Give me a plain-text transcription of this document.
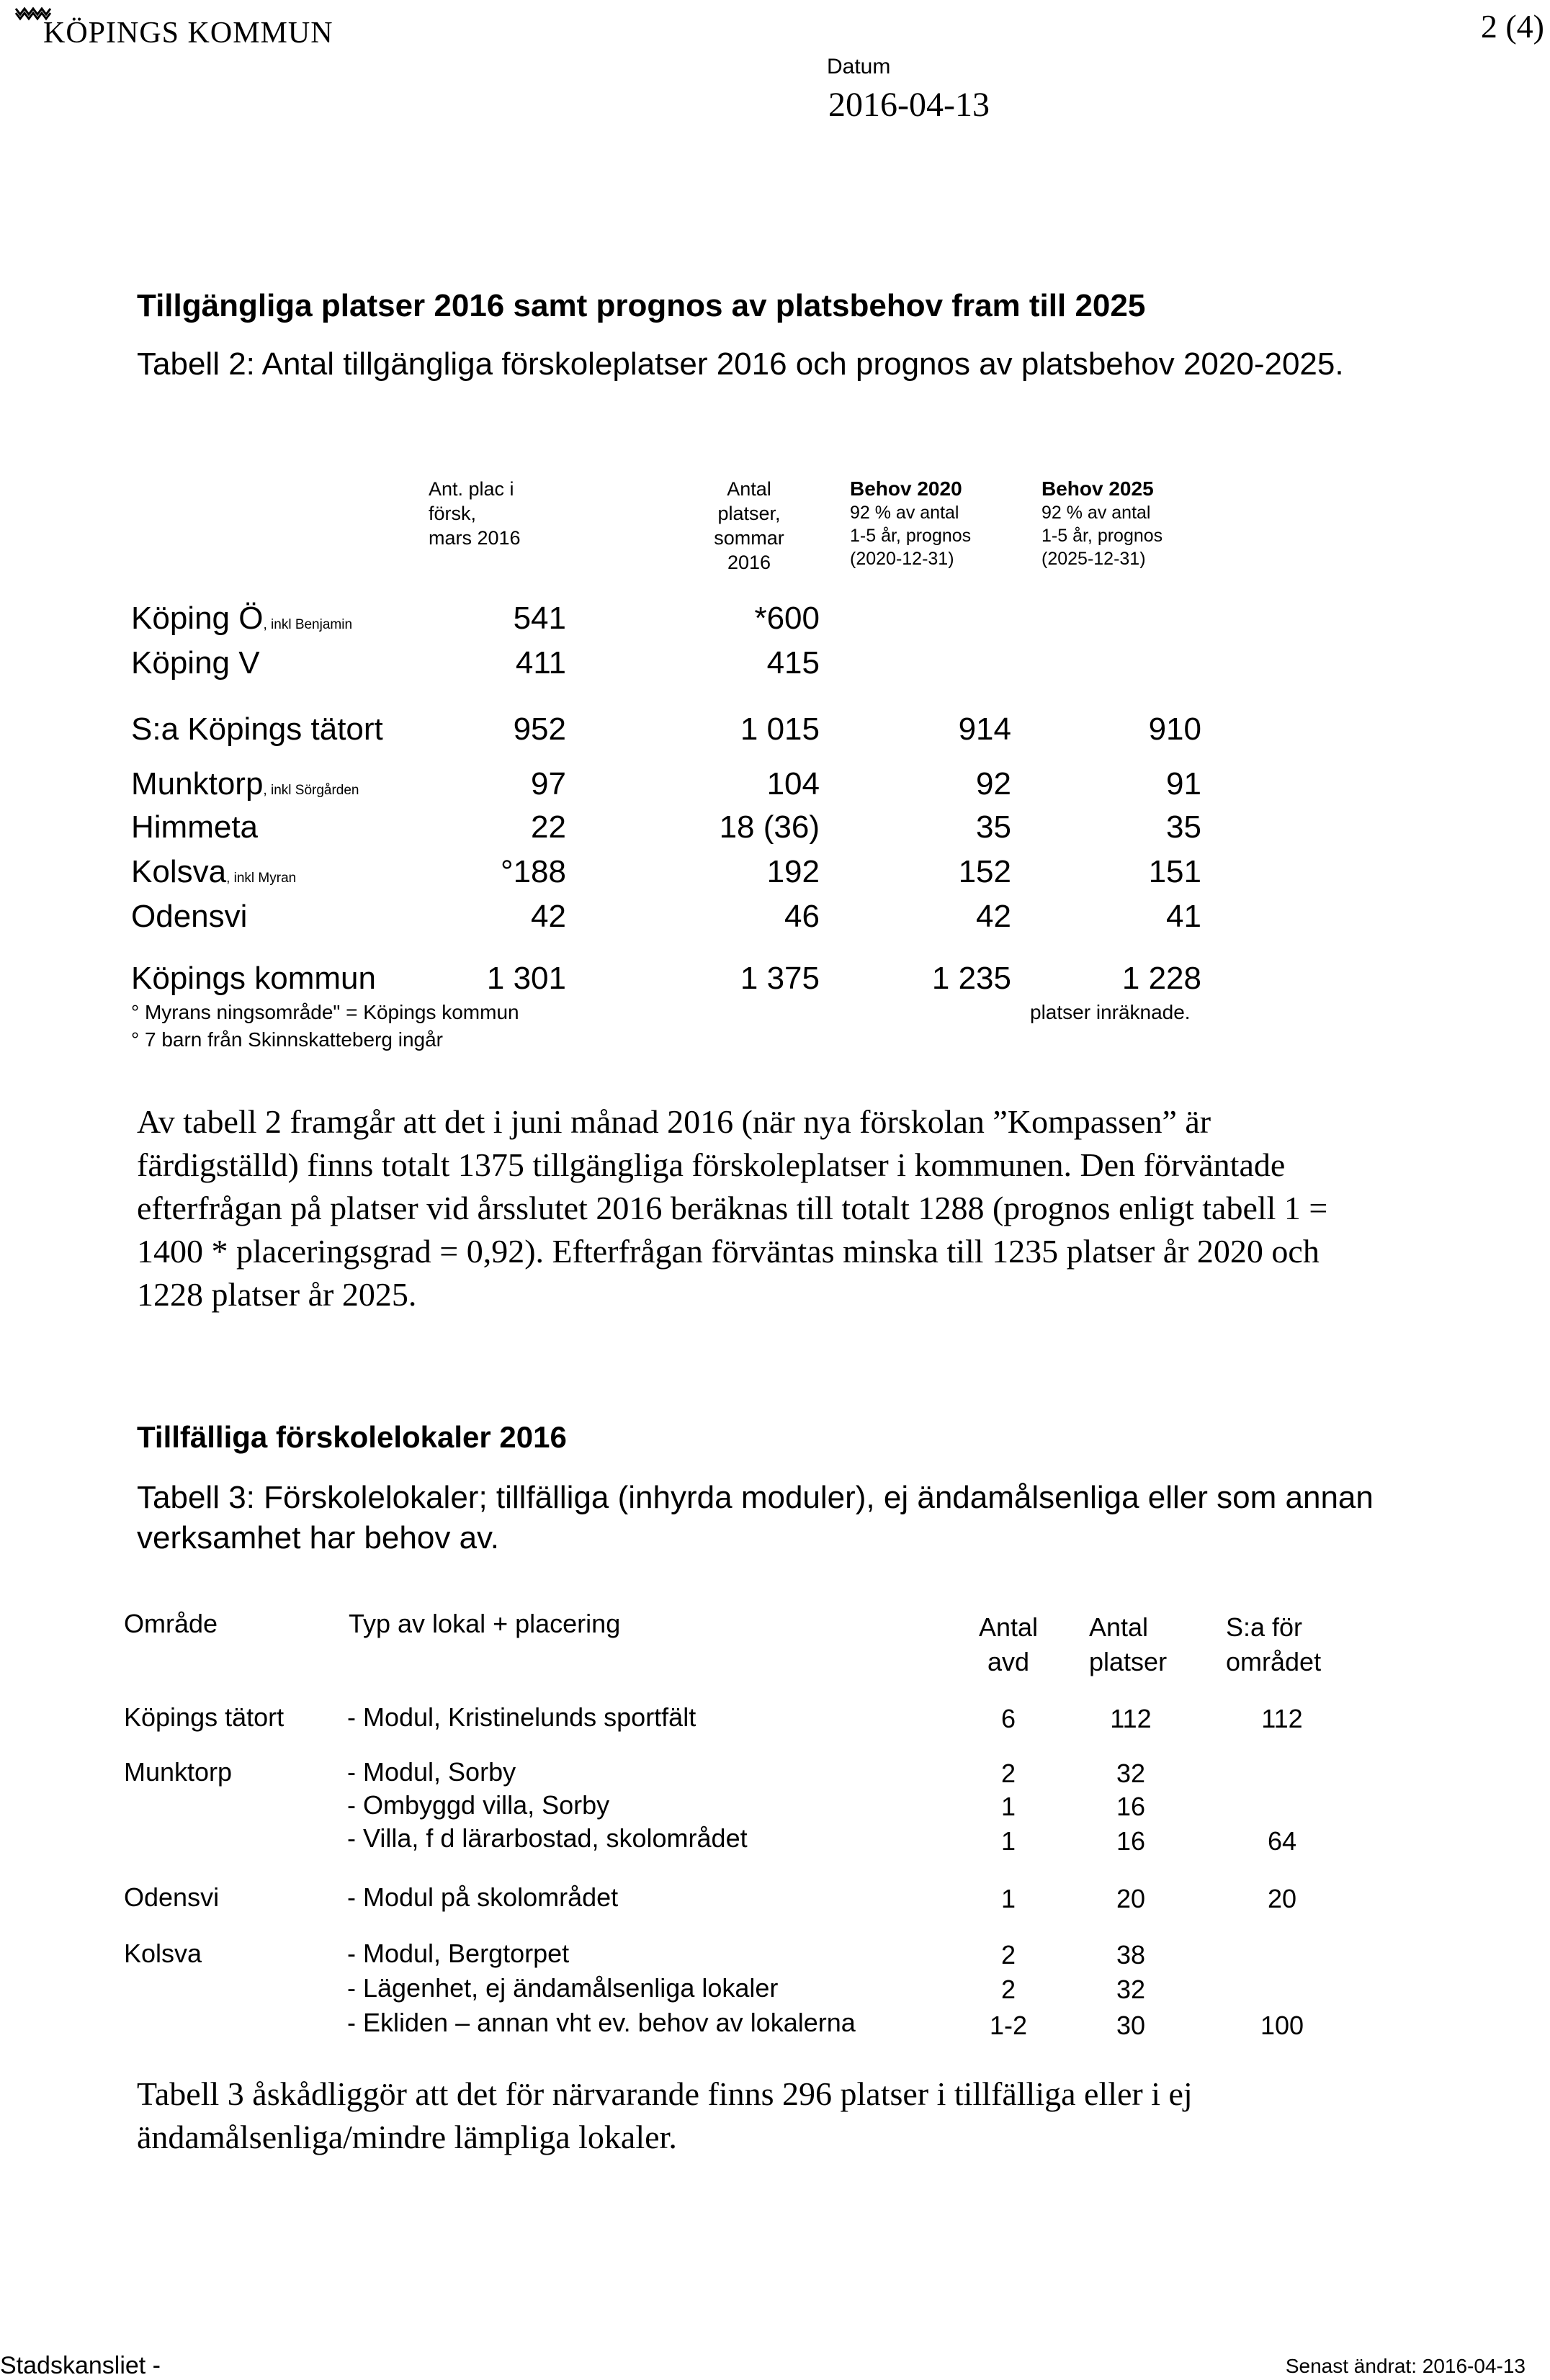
KÖPINGS KOMMUN	2 (4)
Datum
2016-04-13
Tillgängliga platser 2016 samt prognos av platsbehov fram till 2025
Tabell 2: Antal tillgängliga förskoleplatser 2016 och prognos av platsbehov 2020-2025.
Ant. plac i
försk,
mars 2016
Antal
platser,
sommar
2016
Behov 2020
92 % av antal
1-5 år, prognos
(2020-12-31)
Behov 2025
92 % av antal
1-5 år, prognos
(2025-12-31)
Köping Ö, inkl Benjamin	541	*600
Köping V	411	415
S:a Köpings tätort	952	1 015	914	910
Munktorp, inkl Sörgården	97	104	92	91
Himmeta	22	18 (36)	35	35
Kolsva, inkl Myran	°188	192	152	151
Odensvi	42	46	42	41
Köpings kommun	1 301	1 375	1 235	1 228
° Myrans ningsområde" = Köpings kommun
° 7 barn från Skinnskatteberg ingår
platser inräknade.
Av tabell 2 framgår att det i juni månad 2016 (när nya förskolan ”Kompassen” är färdigställd) finns totalt 1375 tillgängliga förskoleplatser i kommunen. Den förväntade efterfrågan på platser vid årsslutet 2016 beräknas till totalt 1288 (prognos enligt tabell 1 = 1400 * placeringsgrad = 0,92). Efterfrågan förväntas minska till 1235 platser år 2020 och 1228 platser år 2025.
Tillfälliga förskolelokaler 2016
Tabell 3: Förskolelokaler; tillfälliga (inhyrda moduler), ej ändamålsenliga eller som annan verksamhet har behov av.
Område	Typ av lokal + placering	Antal
avd
Antal
platser
S:a för
området
Köpings tätort - Modul, Kristinelunds sportfält	6	112	112
Munktorp	- Modul, Sorby	2	32
- Ombyggd villa, Sorby	1	16
- Villa, f d lärarbostad, skolområdet	1	16	64
Odensvi	- Modul på skolområdet	1	20	20
Kolsva	- Modul, Bergtorpet	2	38
- Lägenhet, ej ändamålsenliga lokaler	2	32
- Ekliden – annan vht ev. behov av lokalerna	1-2	30	100
Tabell 3 åskådliggör att det för närvarande finns 296 platser i tillfälliga eller i ej ändamålsenliga/mindre lämpliga lokaler.
Stadskansliet -	Senast ändrat: 2016-04-13
